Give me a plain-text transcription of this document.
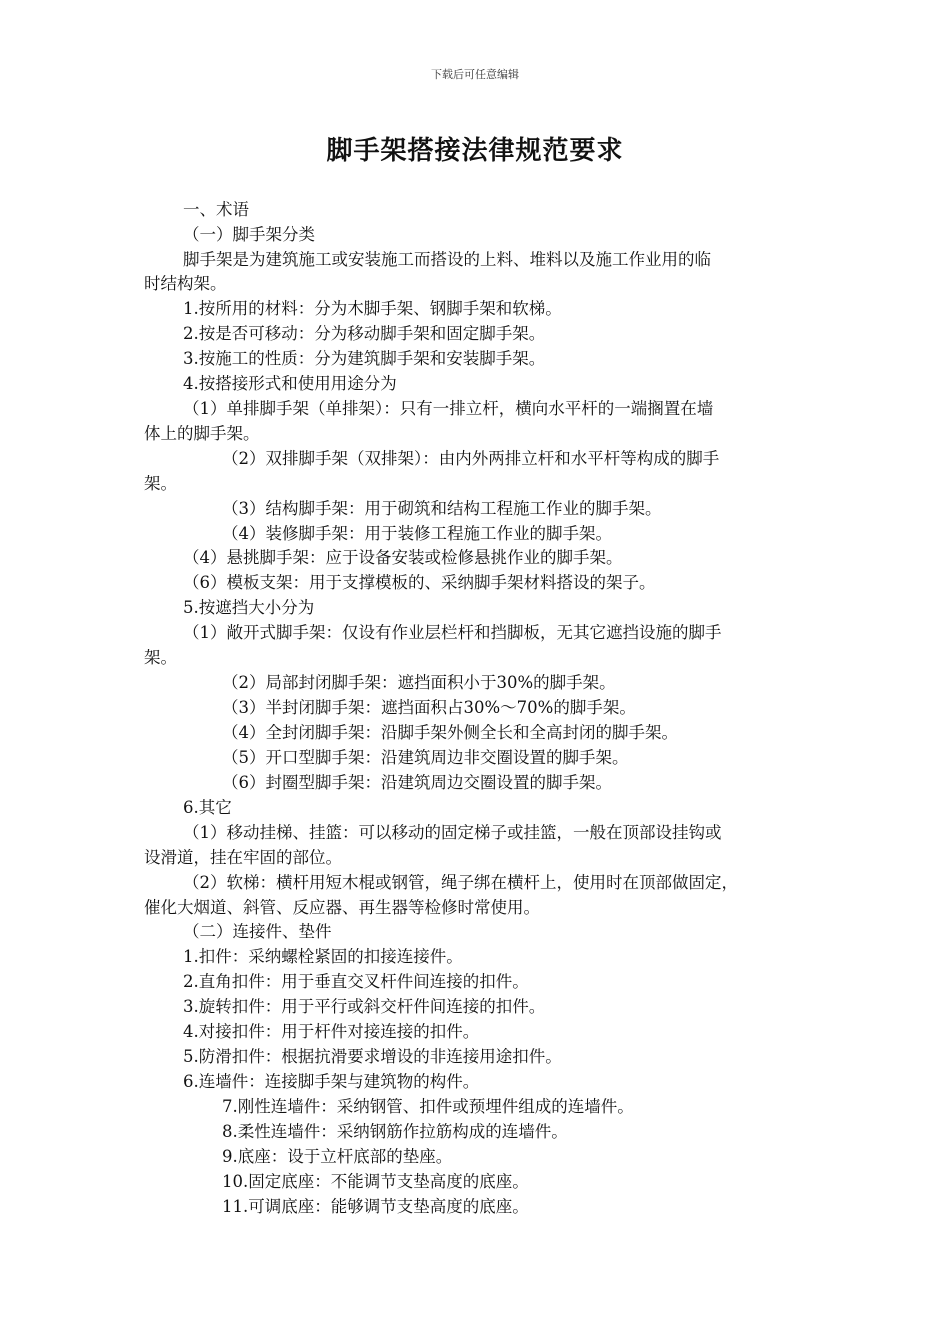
下载后可任意编辑
脚手架搭接法律规范要求
一、术语
（一）脚手架分类
脚手架是为建筑施工或安装施工而搭设的上料、堆料以及施工作业用的临
时结构架。
1.按所用的材料：分为木脚手架、钢脚手架和软梯。
2.按是否可移动：分为移动脚手架和固定脚手架。
3.按施工的性质：分为建筑脚手架和安装脚手架。
4.按搭接形式和使用用途分为
（1）单排脚手架（单排架）：只有一排立杆，横向水平杆的一端搁置在墙
体上的脚手架。
（2）双排脚手架（双排架）：由内外两排立杆和水平杆等构成的脚手
架。
（3）结构脚手架：用于砌筑和结构工程施工作业的脚手架。
（4）装修脚手架：用于装修工程施工作业的脚手架。
（4）悬挑脚手架：应于设备安装或检修悬挑作业的脚手架。
（6）模板支架：用于支撑模板的、采纳脚手架材料搭设的架子。
5.按遮挡大小分为
（1）敞开式脚手架：仅设有作业层栏杆和挡脚板，无其它遮挡设施的脚手
架。
（2）局部封闭脚手架：遮挡面积小于30%的脚手架。
（3）半封闭脚手架：遮挡面积占30%～70%的脚手架。
（4）全封闭脚手架：沿脚手架外侧全长和全高封闭的脚手架。
（5）开口型脚手架：沿建筑周边非交圈设置的脚手架。
（6）封圈型脚手架：沿建筑周边交圈设置的脚手架。
6.其它
（1）移动挂梯、挂篮：可以移动的固定梯子或挂篮，一般在顶部设挂钩或
设滑道，挂在牢固的部位。
（2）软梯：横杆用短木棍或钢管，绳子绑在横杆上，使用时在顶部做固定，
催化大烟道、斜管、反应器、再生器等检修时常使用。
（二）连接件、垫件
1.扣件：采纳螺栓紧固的扣接连接件。
2.直角扣件：用于垂直交叉杆件间连接的扣件。
3.旋转扣件：用于平行或斜交杆件间连接的扣件。
4.对接扣件：用于杆件对接连接的扣件。
5.防滑扣件：根据抗滑要求增设的非连接用途扣件。
6.连墙件：连接脚手架与建筑物的构件。
7.刚性连墙件：采纳钢管、扣件或预埋件组成的连墙件。
8.柔性连墙件：采纳钢筋作拉筋构成的连墙件。
9.底座：设于立杆底部的垫座。
10.固定底座：不能调节支垫高度的底座。
11.可调底座：能够调节支垫高度的底座。
